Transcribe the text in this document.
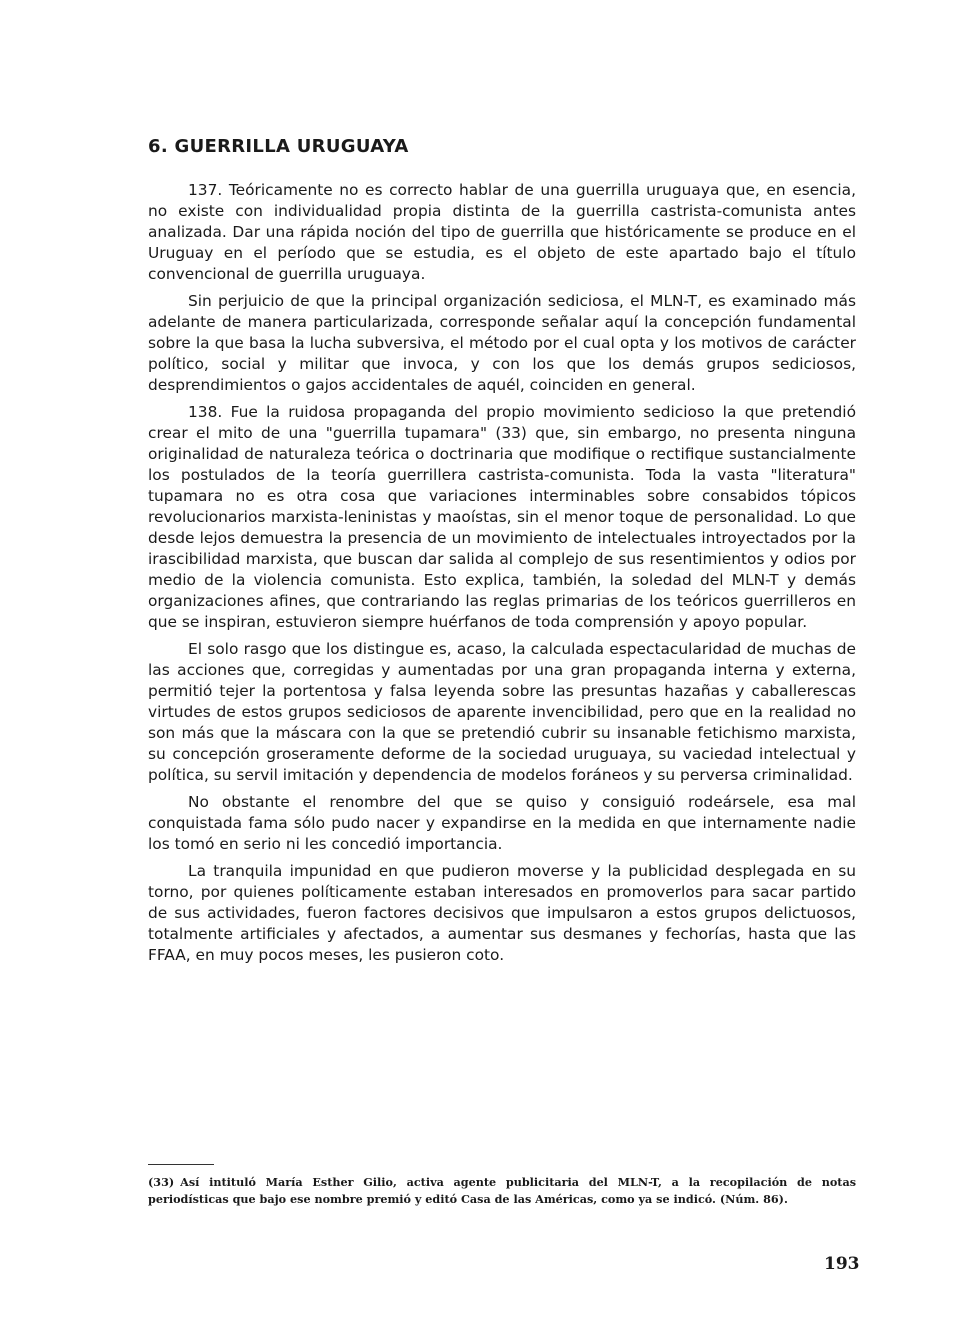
6. GUERRILLA URUGUAYA

137. Teóricamente no es correcto hablar de una guerrilla uruguaya que, en esencia, no existe con individualidad propia distinta de la guerrilla castrista-comunista antes analizada. Dar una rápida noción del tipo de guerrilla que históricamente se produce en el Uruguay en el período que se estudia, es el objeto de este apartado bajo el título convencional de guerrilla uruguaya.

Sin perjuicio de que la principal organización sediciosa, el MLN-T, es examinado más adelante de manera particularizada, corresponde señalar aquí la concepción fundamental sobre la que basa la lucha subversiva, el método por el cual opta y los motivos de carácter político, social y militar que invoca, y con los que los demás grupos sediciosos, desprendimientos o gajos accidentales de aquél, coinciden en general.

138. Fue la ruidosa propaganda del propio movimiento sedicioso la que pretendió crear el mito de una "guerrilla tupamara" (33) que, sin embargo, no presenta ninguna originalidad de naturaleza teórica o doctrinaria que modifique o rectifique sustancialmente los postulados de la teoría guerrillera castrista-comunista. Toda la vasta "literatura" tupamara no es otra cosa que variaciones interminables sobre consabidos tópicos revolucionarios marxista-leninistas y maoístas, sin el menor toque de personalidad. Lo que desde lejos demuestra la presencia de un movimiento de intelectuales introyectados por la irascibilidad marxista, que buscan dar salida al complejo de sus resentimientos y odios por medio de la violencia comunista. Esto explica, también, la soledad del MLN-T y demás organizaciones afines, que contrariando las reglas primarias de los teóricos guerrilleros en que se inspiran, estuvieron siempre huérfanos de toda comprensión y apoyo popular.

El solo rasgo que los distingue es, acaso, la calculada espectacularidad de muchas de las acciones que, corregidas y aumentadas por una gran propaganda interna y externa, permitió tejer la portentosa y falsa leyenda sobre las presuntas hazañas y caballerescas virtudes de estos grupos sediciosos de aparente invencibilidad, pero que en la realidad no son más que la máscara con la que se pretendió cubrir su insanable fetichismo marxista, su concepción groseramente deforme de la sociedad uruguaya, su vaciedad intelectual y política, su servil imitación y dependencia de modelos foráneos y su perversa criminalidad.

No obstante el renombre del que se quiso y consiguió rodeársele, esa mal conquistada fama sólo pudo nacer y expandirse en la medida en que internamente nadie los tomó en serio ni les concedió importancia.

La tranquila impunidad en que pudieron moverse y la publicidad desplegada en su torno, por quienes políticamente estaban interesados en promoverlos para sacar partido de sus actividades, fueron factores decisivos que impulsaron a estos grupos delictuosos, totalmente artificiales y afectados, a aumentar sus desmanes y fechorías, hasta que las FFAA, en muy pocos meses, les pusieron coto.

(33) Así intituló María Esther Gilio, activa agente publicitaria del MLN-T, a la recopilación de notas periodísticas que bajo ese nombre premió y editó Casa de las Américas, como ya se indicó. (Núm. 86).
193
